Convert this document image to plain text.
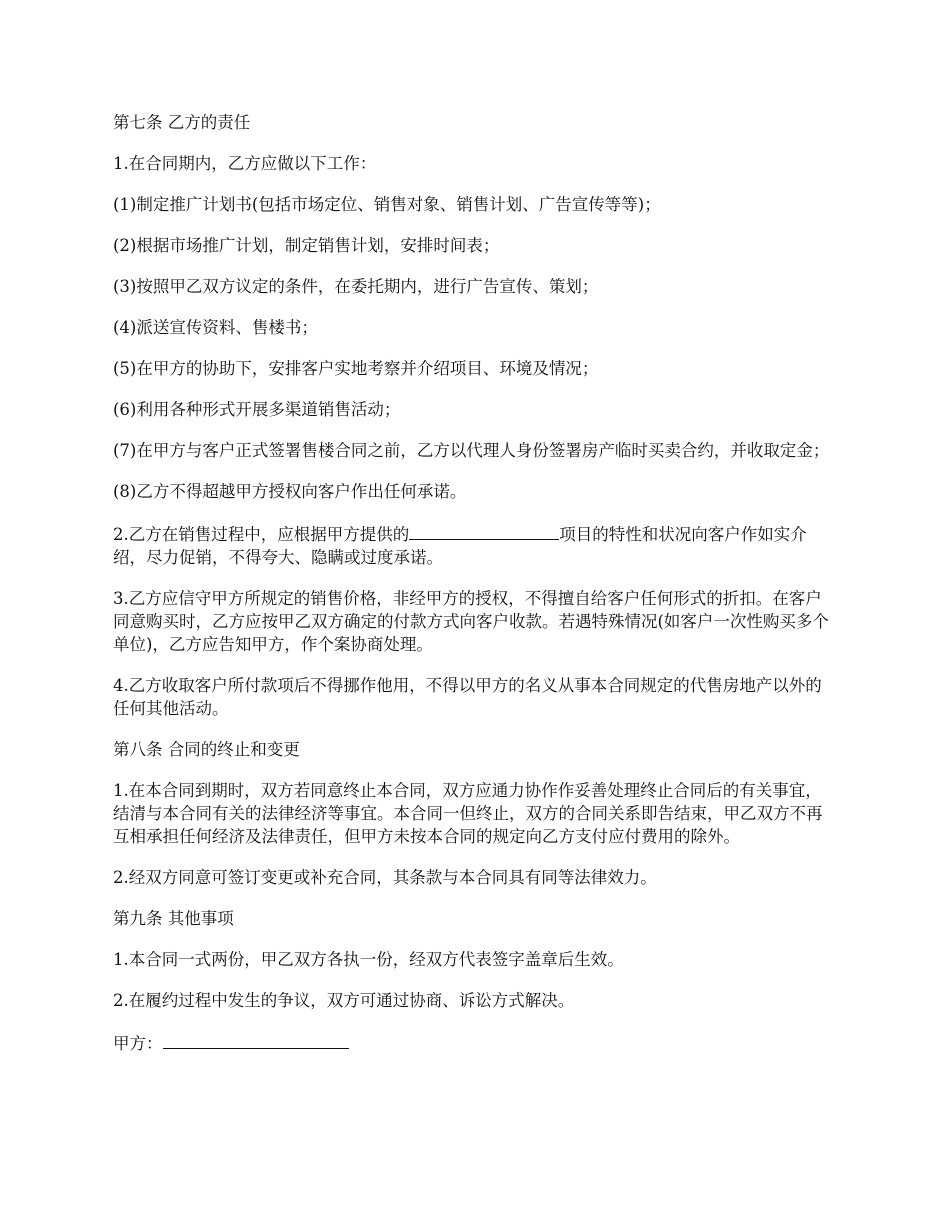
第七条 乙方的责任

1.在合同期内，乙方应做以下工作：

(1)制定推广计划书(包括市场定位、销售对象、销售计划、广告宣传等等)；

(2)根据市场推广计划，制定销售计划，安排时间表；

(3)按照甲乙双方议定的条件，在委托期内，进行广告宣传、策划；

(4)派送宣传资料、售楼书；

(5)在甲方的协助下，安排客户实地考察并介绍项目、环境及情况；

(6)利用各种形式开展多渠道销售活动；

(7)在甲方与客户正式签署售楼合同之前，乙方以代理人身份签署房产临时买卖合约，并收取定金；

(8)乙方不得超越甲方授权向客户作出任何承诺。

2.乙方在销售过程中，应根据甲方提供的	项目的特性和状况向客户作如实介绍，尽力促销，不得夸大、隐瞒或过度承诺。

3.乙方应信守甲方所规定的销售价格，非经甲方的授权，不得擅自给客户任何形式的折扣。在客户同意购买时，乙方应按甲乙双方确定的付款方式向客户收款。若遇特殊情况(如客户一次性购买多个单位)，乙方应告知甲方，作个案协商处理。

4.乙方收取客户所付款项后不得挪作他用，不得以甲方的名义从事本合同规定的代售房地产以外的任何其他活动。

第八条 合同的终止和变更

1.在本合同到期时，双方若同意终止本合同，双方应通力协作作妥善处理终止合同后的有关事宜，结清与本合同有关的法律经济等事宜。本合同一但终止，双方的合同关系即告结束，甲乙双方不再互相承担任何经济及法律责任，但甲方未按本合同的规定向乙方支付应付费用的除外。

2.经双方同意可签订变更或补充合同，其条款与本合同具有同等法律效力。

第九条 其他事项

1.本合同一式两份，甲乙双方各执一份，经双方代表签字盖章后生效。

2.在履约过程中发生的争议，双方可通过协商、诉讼方式解决。

甲方：
